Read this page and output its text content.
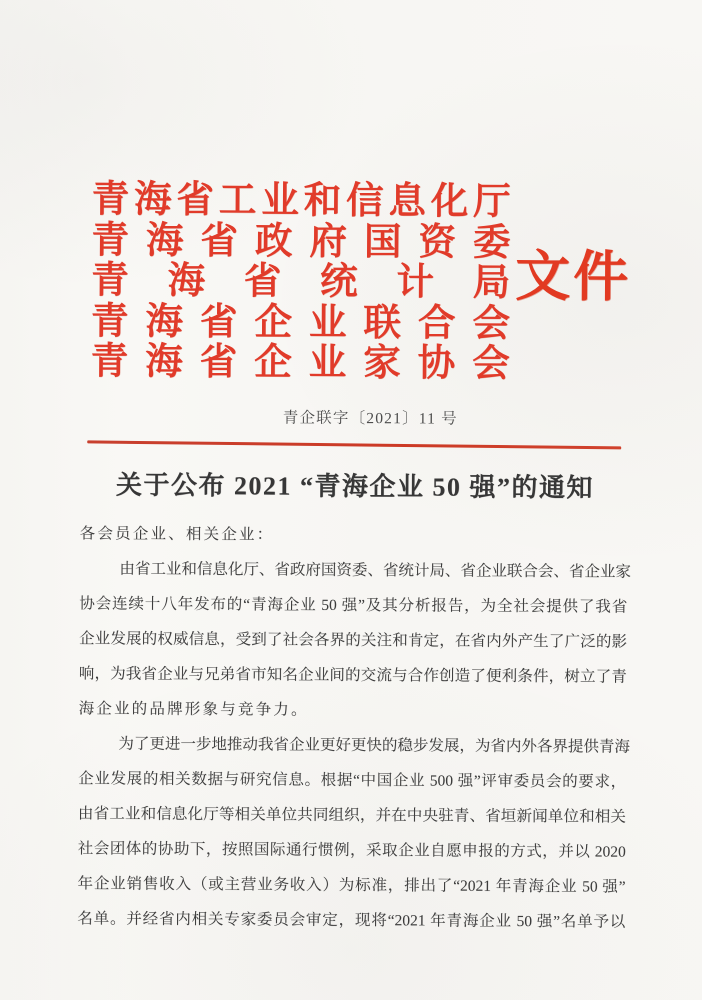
青海省工业和信息化厅
青海省政府国资委
青海省统计局
青海省企业联合会
青海省企业家协会
文件
青企联字〔2021〕11 号
关于公布 2021 “青海企业 50 强”的通知
各会员企业、相关企业：
由省工业和信息化厅、省政府国资委、省统计局、省企业联合会、省企业家
协会连续十八年发布的“青海企业 50 强”及其分析报告，为全社会提供了我省
企业发展的权威信息，受到了社会各界的关注和肯定，在省内外产生了广泛的影
响，为我省企业与兄弟省市知名企业间的交流与合作创造了便利条件，树立了青
海企业的品牌形象与竞争力。
为了更进一步地推动我省企业更好更快的稳步发展，为省内外各界提供青海
企业发展的相关数据与研究信息。根据“中国企业 500 强”评审委员会的要求，
由省工业和信息化厅等相关单位共同组织，并在中央驻青、省垣新闻单位和相关
社会团体的协助下，按照国际通行惯例，采取企业自愿申报的方式，并以 2020
年企业销售收入（或主营业务收入）为标准，排出了“2021 年青海企业 50 强”
名单。并经省内相关专家委员会审定，现将“2021 年青海企业 50 强”名单予以
